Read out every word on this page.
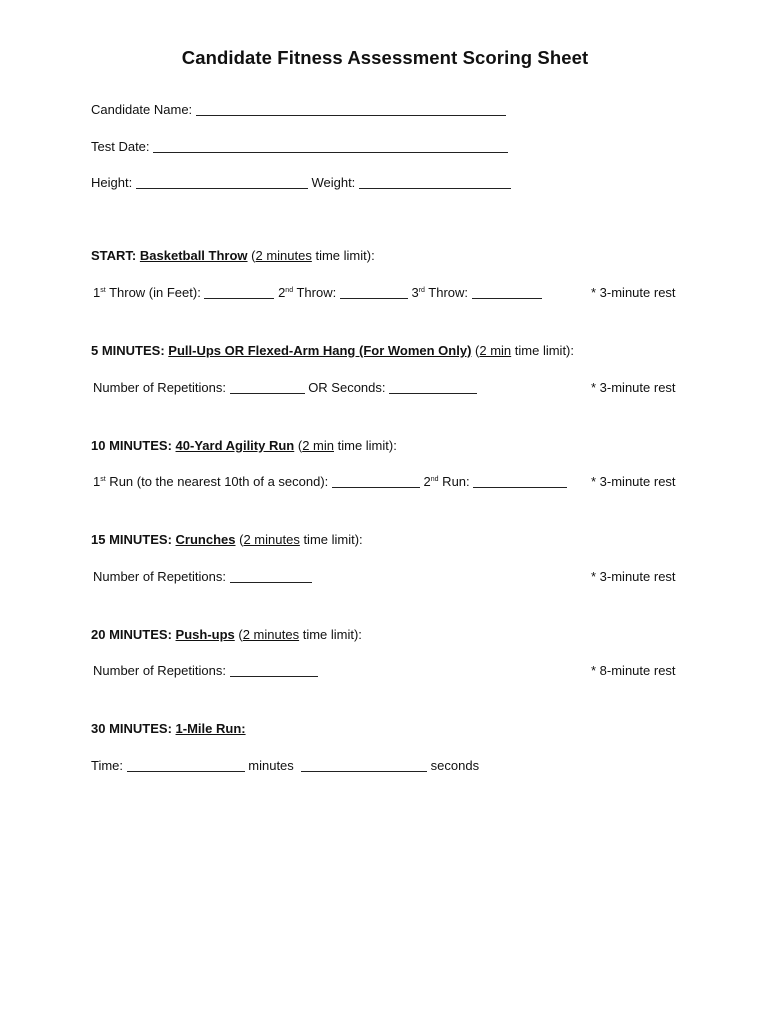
Candidate Fitness Assessment Scoring Sheet
Candidate Name:
Test Date:
Height:	Weight:
START: Basketball Throw (2 minutes time limit):
1st Throw (in Feet):	2nd Throw:	3rd Throw:	* 3-minute rest
5 MINUTES: Pull-Ups OR Flexed-Arm Hang (For Women Only) (2 min time limit):
Number of Repetitions:	OR Seconds:	* 3-minute rest
10 MINUTES: 40-Yard Agility Run (2 min time limit):
1st Run (to the nearest 10th of a second):	2nd Run:	* 3-minute rest
15 MINUTES: Crunches (2 minutes time limit):
Number of Repetitions:	* 3-minute rest
20 MINUTES: Push-ups (2 minutes time limit):
Number of Repetitions:	* 8-minute rest
30 MINUTES: 1-Mile Run:
Time:	minutes	seconds
